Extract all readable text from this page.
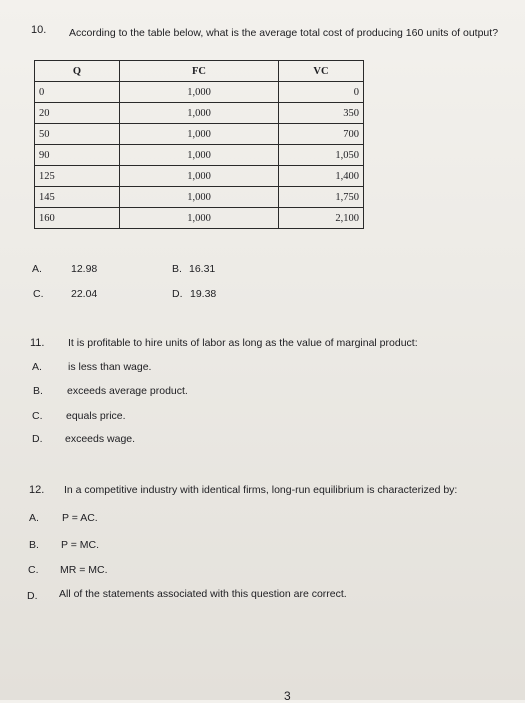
10. According to the table below, what is the average total cost of producing 160 units of output?
Q	FC	VC
0	1,000	0
20	1,000	350
50	1,000	700
90	1,000	1,050
125	1,000	1,400
145	1,000	1,750
160	1,000	2,100
A.	12.98	B. 16.31
C.	22.04	D. 19.38
11. It is profitable to hire units of labor as long as the value of marginal product:
A. is less than wage.
B. exceeds average product.
C. equals price.
D. exceeds wage.
12. In a competitive industry with identical firms, long-run equilibrium is characterized by:
A. P = AC.
B. P = MC.
C. MR = MC.
D. All of the statements associated with this question are correct.
3
